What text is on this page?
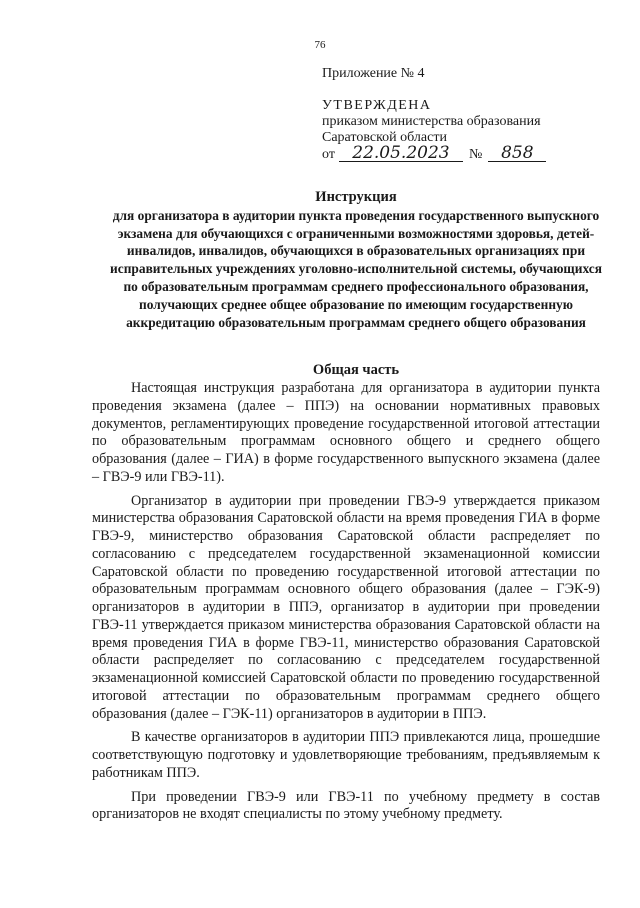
76
Приложение № 4
УТВЕРЖДЕНА
приказом министерства образования
Саратовской области
от	22.05.2023	№	858
Инструкция
для организатора в аудитории пункта проведения государственного выпускного экзамена для обучающихся с ограниченными возможностями здоровья, детей-инвалидов, инвалидов, обучающихся в образовательных организациях при исправительных учреждениях уголовно-исполнительной системы, обучающихся по образовательным программам среднего профессионального образования, получающих среднее общее образование по имеющим государственную аккредитацию образовательным программам среднего общего образования
Общая часть

Настоящая инструкция разработана для организатора в аудитории пункта проведения экзамена (далее – ППЭ) на основании нормативных правовых документов, регламентирующих проведение государственной итоговой аттестации по образовательным программам основного общего и среднего общего образования (далее – ГИА) в форме государственного выпускного экзамена (далее – ГВЭ-9 или ГВЭ-11).

Организатор в аудитории при проведении ГВЭ-9 утверждается приказом министерства образования Саратовской области на время проведения ГИА в форме ГВЭ-9, министерство образования Саратовской области распределяет по согласованию с председателем государственной экзаменационной комиссии Саратовской области по проведению государственной итоговой аттестации по образовательным программам основного общего образования (далее – ГЭК-9) организаторов в аудитории в ППЭ, организатор в аудитории при проведении ГВЭ-11 утверждается приказом министерства образования Саратовской области на время проведения ГИА в форме ГВЭ-11, министерство образования Саратовской области распределяет по согласованию с председателем государственной экзаменационной комиссией Саратовской области по проведению государственной итоговой аттестации по образовательным программам среднего общего образования (далее – ГЭК-11) организаторов в аудитории в ППЭ.

В качестве организаторов в аудитории ППЭ привлекаются лица, прошедшие соответствующую подготовку и удовлетворяющие требованиям, предъявляемым к работникам ППЭ.

При проведении ГВЭ-9 или ГВЭ-11 по учебному предмету в состав организаторов не входят специалисты по этому учебному предмету.
